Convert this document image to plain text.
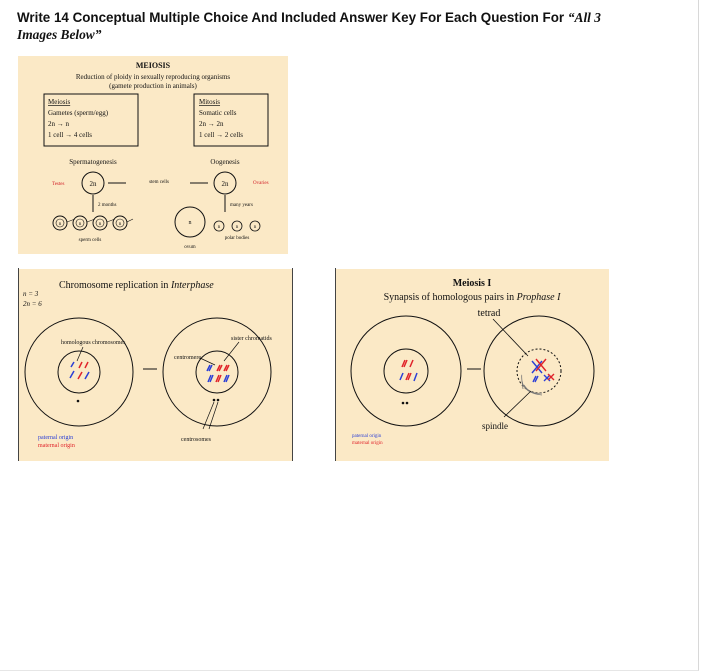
Write 14 Conceptual Multiple Choice And Included Answer Key For Each Question For “All 3
Images Below”
MEIOSIS
Reduction of ploidy in sexually reproducing organisms
(gamete production in animals)
Meiosis
Gametes (sperm/egg)
2n → n
1 cell → 4 cells
Mitosis
Somatic cells
2n → 2n
1 cell → 2 cells
Spermatogenesis	Oogenesis
Testes	2n	stem cells	2n	Ovaries
2 months	many years
n	n	n	n
sperm cells
n
ovum
n	n	n
polar bodies
Chromosome replication in Interphase
n = 3
2n = 6
homologous chromosomes
sister chromatids
centromere
centrosomes
paternal origin
maternal origin
Meiosis I
Synapsis of homologous pairs in Prophase I
tetrad
spindle
paternal origin
maternal origin
